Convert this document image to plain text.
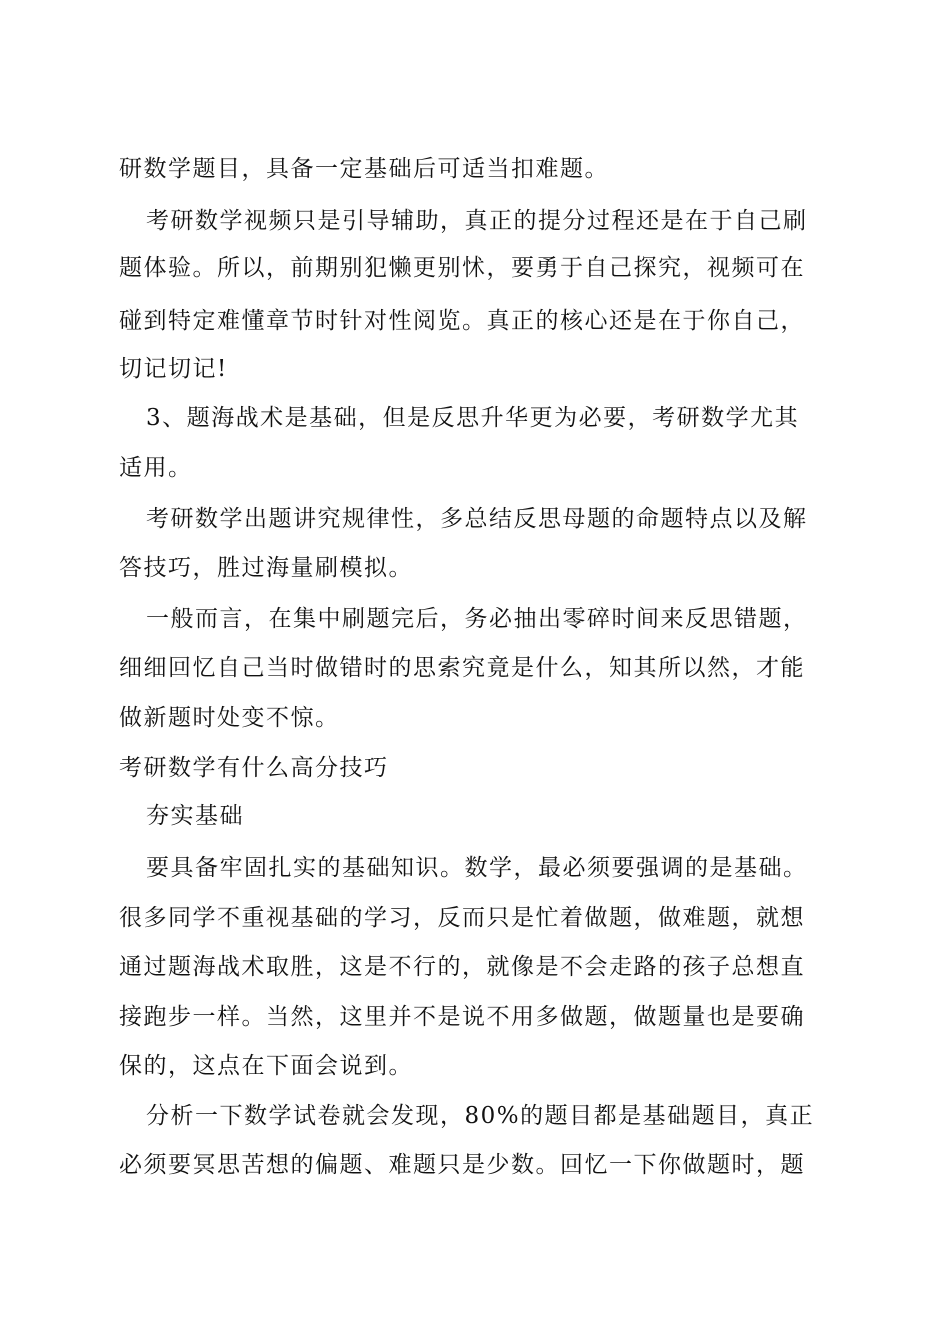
研数学题目，具备一定基础后可适当扣难题。
考研数学视频只是引导辅助，真正的提分过程还是在于自己刷
题体验。所以，前期别犯懒更别怵，要勇于自己探究，视频可在
碰到特定难懂章节时针对性阅览。真正的核心还是在于你自己，
切记切记!
3、题海战术是基础，但是反思升华更为必要，考研数学尤其
适用。
考研数学出题讲究规律性，多总结反思母题的命题特点以及解
答技巧，胜过海量刷模拟。
一般而言，在集中刷题完后，务必抽出零碎时间来反思错题，
细细回忆自己当时做错时的思索究竟是什么，知其所以然，才能
做新题时处变不惊。
考研数学有什么高分技巧
夯实基础
要具备牢固扎实的基础知识。数学，最必须要强调的是基础。
很多同学不重视基础的学习，反而只是忙着做题，做难题，就想
通过题海战术取胜，这是不行的，就像是不会走路的孩子总想直
接跑步一样。当然，这里并不是说不用多做题，做题量也是要确
保的，这点在下面会说到。
分析一下数学试卷就会发现，80%的题目都是基础题目，真正
必须要冥思苦想的偏题、难题只是少数。回忆一下你做题时，题
